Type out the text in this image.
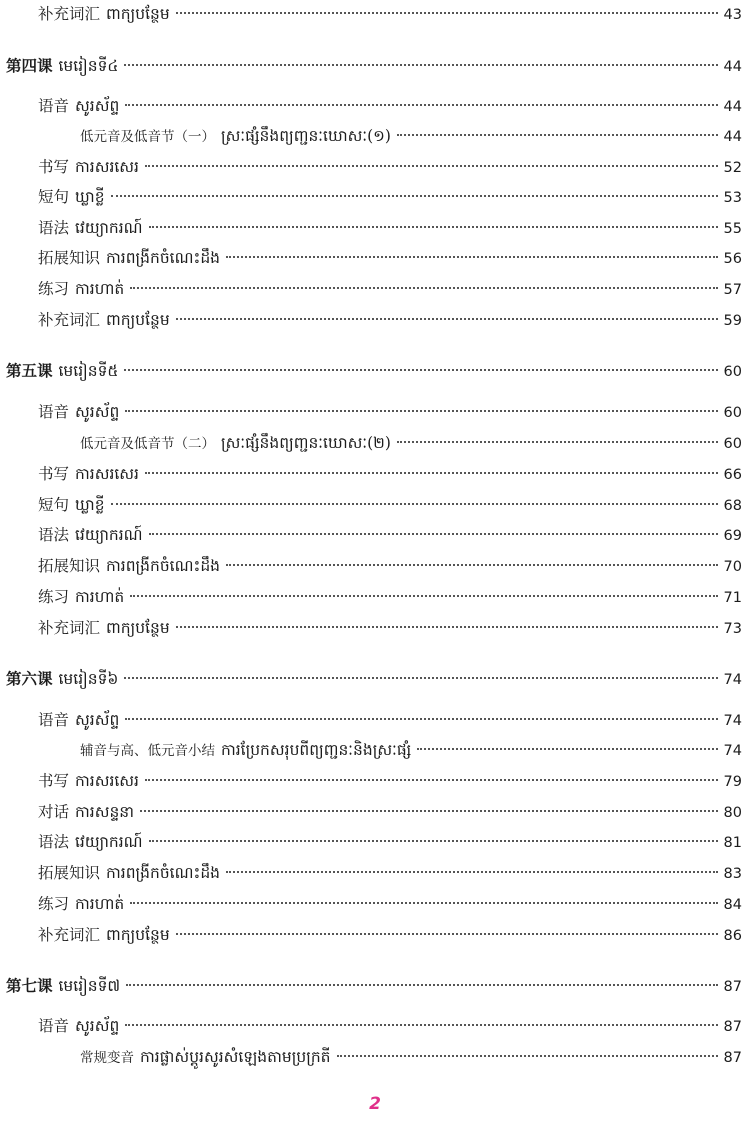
补充词汇 ពាក្យបន្ថែម	43
第四课 មេរៀនទី៤	44
语音 សូរស័ព្ទ	44
低元音及低音节（一） ស្រៈផ្សំនឹងព្យញ្ជនៈឃោសៈ(១)	44
书写 ការសរសេរ	52
短句 ឃ្លាខ្លី	53
语法 វេយ្យាករណ៍	55
拓展知识 ការពង្រីកចំណេះដឹង	56
练习 ការហាត់	57
补充词汇 ពាក្យបន្ថែម	59
第五课 មេរៀនទី៥	60
语音 សូរស័ព្ទ	60
低元音及低音节（二） ស្រៈផ្សំនឹងព្យញ្ជនៈឃោសៈ(២)	60
书写 ការសរសេរ	66
短句 ឃ្លាខ្លី	68
语法 វេយ្យាករណ៍	69
拓展知识 ការពង្រីកចំណេះដឹង	70
练习 ការហាត់	71
补充词汇 ពាក្យបន្ថែម	73
第六课 មេរៀនទី៦	74
语音 សូរស័ព្ទ	74
辅音与高、低元音小结 ការប្រែកសរុបពីព្យញ្ជនៈនិងស្រៈផ្សំ	74
书写 ការសរសេរ	79
对话 ការសន្ទនា	80
语法 វេយ្យាករណ៍	81
拓展知识 ការពង្រីកចំណេះដឹង	83
练习 ការហាត់	84
补充词汇 ពាក្យបន្ថែម	86
第七课 មេរៀនទី៧	87
语音 សូរស័ព្ទ	87
常规变音 ការផ្លាស់ប្តូរសូរសំឡេងតាមប្រក្រតី	87
2
